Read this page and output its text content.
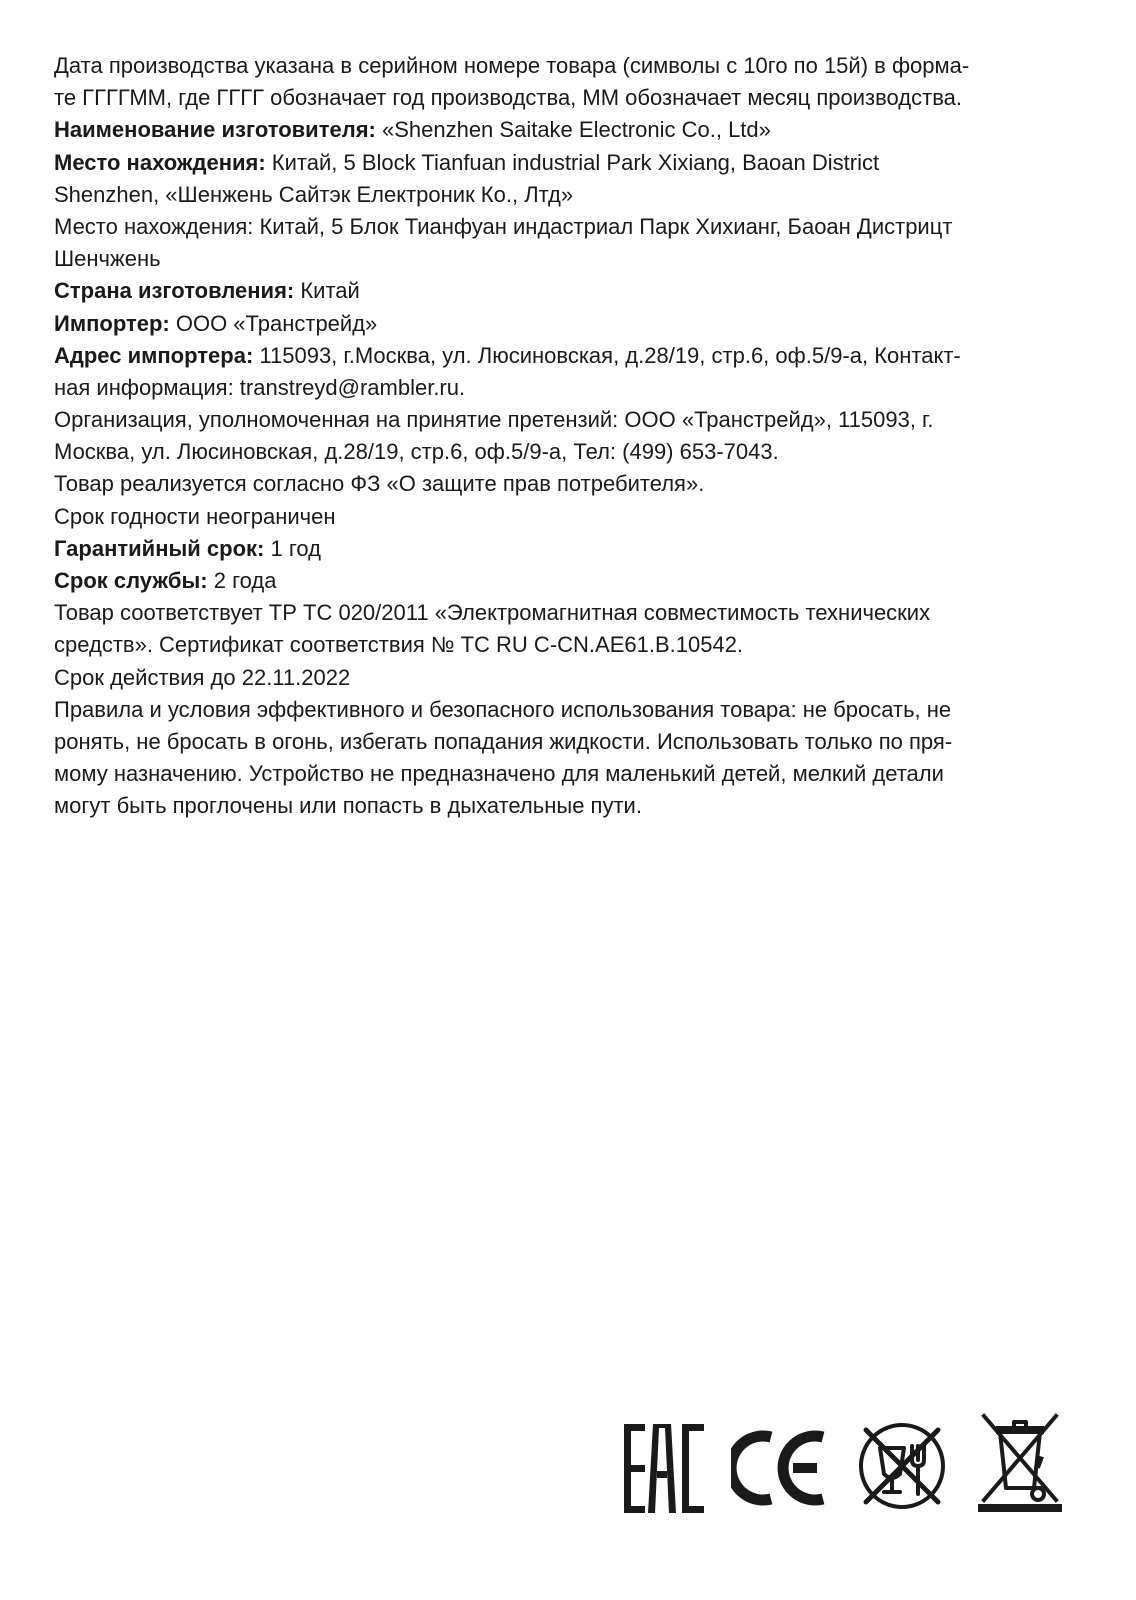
Дата производства указана в серийном номере товара (символы с 10го по 15й) в форма-
те ГГГГММ, где ГГГГ обозначает год производства, ММ обозначает месяц производства.
Наименование изготовителя: «Shenzhen Saitake Electronic Co., Ltd»
Место нахождения: Китай, 5 Block Tianfuan industrial Park Xixiang, Baoan District
Shenzhen, «Шенжень Сайтэк Електроник Ко., Лтд»
Место нахождения: Китай, 5 Блок Тианфуан индастриал Парк Хихианг, Баоан Дистрицт
Шенчжень
Страна изготовления: Китай
Импортер: ООО «Транстрейд»
Адрес импортера: 115093, г.Москва, ул. Люсиновская, д.28/19, стр.6, оф.5/9-а, Контакт-
ная информация: transtreyd@rambler.ru.
Организация, уполномоченная на принятие претензий: ООО «Транстрейд», 115093, г.
Москва, ул. Люсиновская, д.28/19, стр.6, оф.5/9-а, Тел: (499) 653-7043.
Товар реализуется согласно ФЗ «О защите прав потребителя».
Срок годности неограничен
Гарантийный срок: 1 год
Срок службы: 2 года
Товар соответствует ТР ТС 020/2011 «Электромагнитная совместимость технических
средств». Сертификат соответствия № ТС RU C-CN.AE61.B.10542.
Срок действия до 22.11.2022
Правила и условия эффективного и безопасного использования товара: не бросать, не
ронять, не бросать в огонь, избегать попадания жидкости. Использовать только по пря-
мому назначению. Устройство не предназначено для маленький детей, мелкий детали
могут быть проглочены или попасть в дыхательные пути.
